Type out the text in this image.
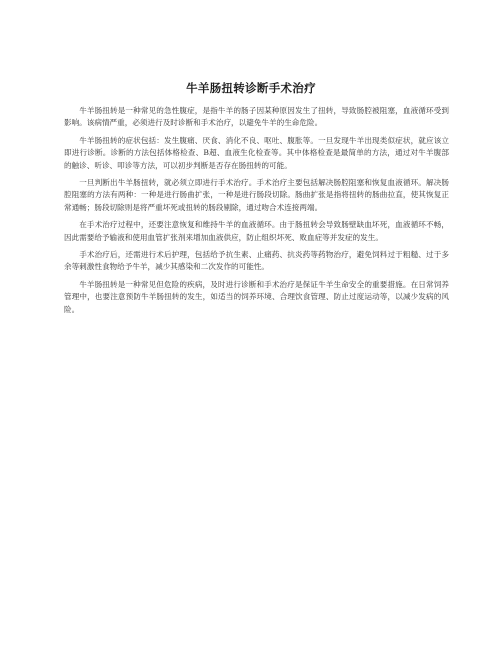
牛羊肠扭转诊断手术治疗

牛羊肠扭转是一种常见的急性腹症，是指牛羊的肠子因某种原因发生了扭转，导致肠腔被阻塞，血液循环受到影响。该病情严重，必须进行及时诊断和手术治疗，以避免牛羊的生命危险。

牛羊肠扭转的症状包括：发生腹痛、厌食、消化不良、呕吐、腹胀等。一旦发现牛羊出现类似症状，就应该立即进行诊断。诊断的方法包括体格检查、B超、血液生化检查等。其中体格检查是最简单的方法，通过对牛羊腹部的触诊、听诊、叩诊等方法，可以初步判断是否存在肠扭转的可能。

一旦判断出牛羊肠扭转，就必须立即进行手术治疗。手术治疗主要包括解决肠腔阻塞和恢复血液循环。解决肠腔阻塞的方法有两种：一种是进行肠曲扩张，一种是进行肠段切除。肠曲扩张是指将扭转的肠曲拉直，使其恢复正常通畅；肠段切除则是将严重坏死或扭转的肠段剔除，通过吻合术连接两端。

在手术治疗过程中，还要注意恢复和维持牛羊的血液循环。由于肠扭转会导致肠壁缺血坏死，血液循环不畅，因此需要给予输液和使用血管扩张剂来增加血液供应，防止组织坏死、败血症等并发症的发生。

手术治疗后，还需进行术后护理，包括给予抗生素、止痛药、抗炎药等药物治疗，避免饲料过于粗糙、过于多余等刺激性食物给予牛羊，减少其感染和二次发作的可能性。

牛羊肠扭转是一种常见但危险的疾病，及时进行诊断和手术治疗是保证牛羊生命安全的重要措施。在日常饲养管理中，也要注意预防牛羊肠扭转的发生，如适当的饲养环境、合理饮食管理、防止过度运动等，以减少发病的风险。
